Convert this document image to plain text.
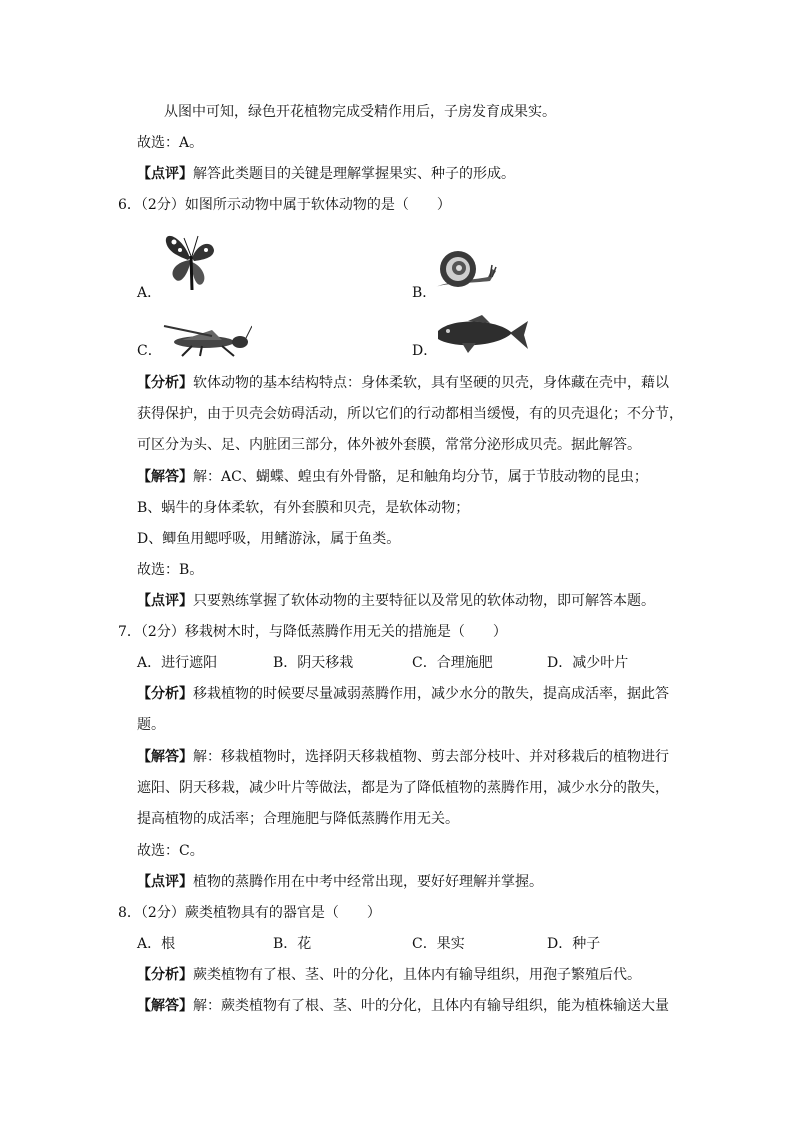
从图中可知，绿色开花植物完成受精作用后，子房发育成果实。
故选：A。
【点评】解答此类题目的关键是理解掌握果实、种子的形成。
6．（2分）如图所示动物中属于软体动物的是（　　）
A．	B．
C．	D．
【分析】软体动物的基本结构特点：身体柔软，具有坚硬的贝壳，身体藏在壳中，藉以
获得保护，由于贝壳会妨碍活动，所以它们的行动都相当缓慢，有的贝壳退化；不分节，
可区分为头、足、内脏团三部分，体外被外套膜，常常分泌形成贝壳。据此解答。
【解答】解：AC、蝴蝶、蝗虫有外骨骼，足和触角均分节，属于节肢动物的昆虫；
B、蜗牛的身体柔软，有外套膜和贝壳，是软体动物；
D、鲫鱼用鳃呼吸，用鳍游泳，属于鱼类。
故选：B。
【点评】只要熟练掌握了软体动物的主要特征以及常见的软体动物，即可解答本题。
7．（2分）移栽树木时，与降低蒸腾作用无关的措施是（　　）
A．进行遮阳	B．阴天移栽	C．合理施肥	D．减少叶片
【分析】移栽植物的时候要尽量减弱蒸腾作用，减少水分的散失，提高成活率，据此答
题。
【解答】解：移栽植物时，选择阴天移栽植物、剪去部分枝叶、并对移栽后的植物进行
遮阳、阴天移栽，减少叶片等做法，都是为了降低植物的蒸腾作用，减少水分的散失，
提高植物的成活率；合理施肥与降低蒸腾作用无关。
故选：C。
【点评】植物的蒸腾作用在中考中经常出现，要好好理解并掌握。
8．（2分）蕨类植物具有的器官是（　　）
A．根	B．花	C．果实	D．种子
【分析】蕨类植物有了根、茎、叶的分化，且体内有输导组织，用孢子繁殖后代。
【解答】解：蕨类植物有了根、茎、叶的分化，且体内有输导组织，能为植株输送大量
